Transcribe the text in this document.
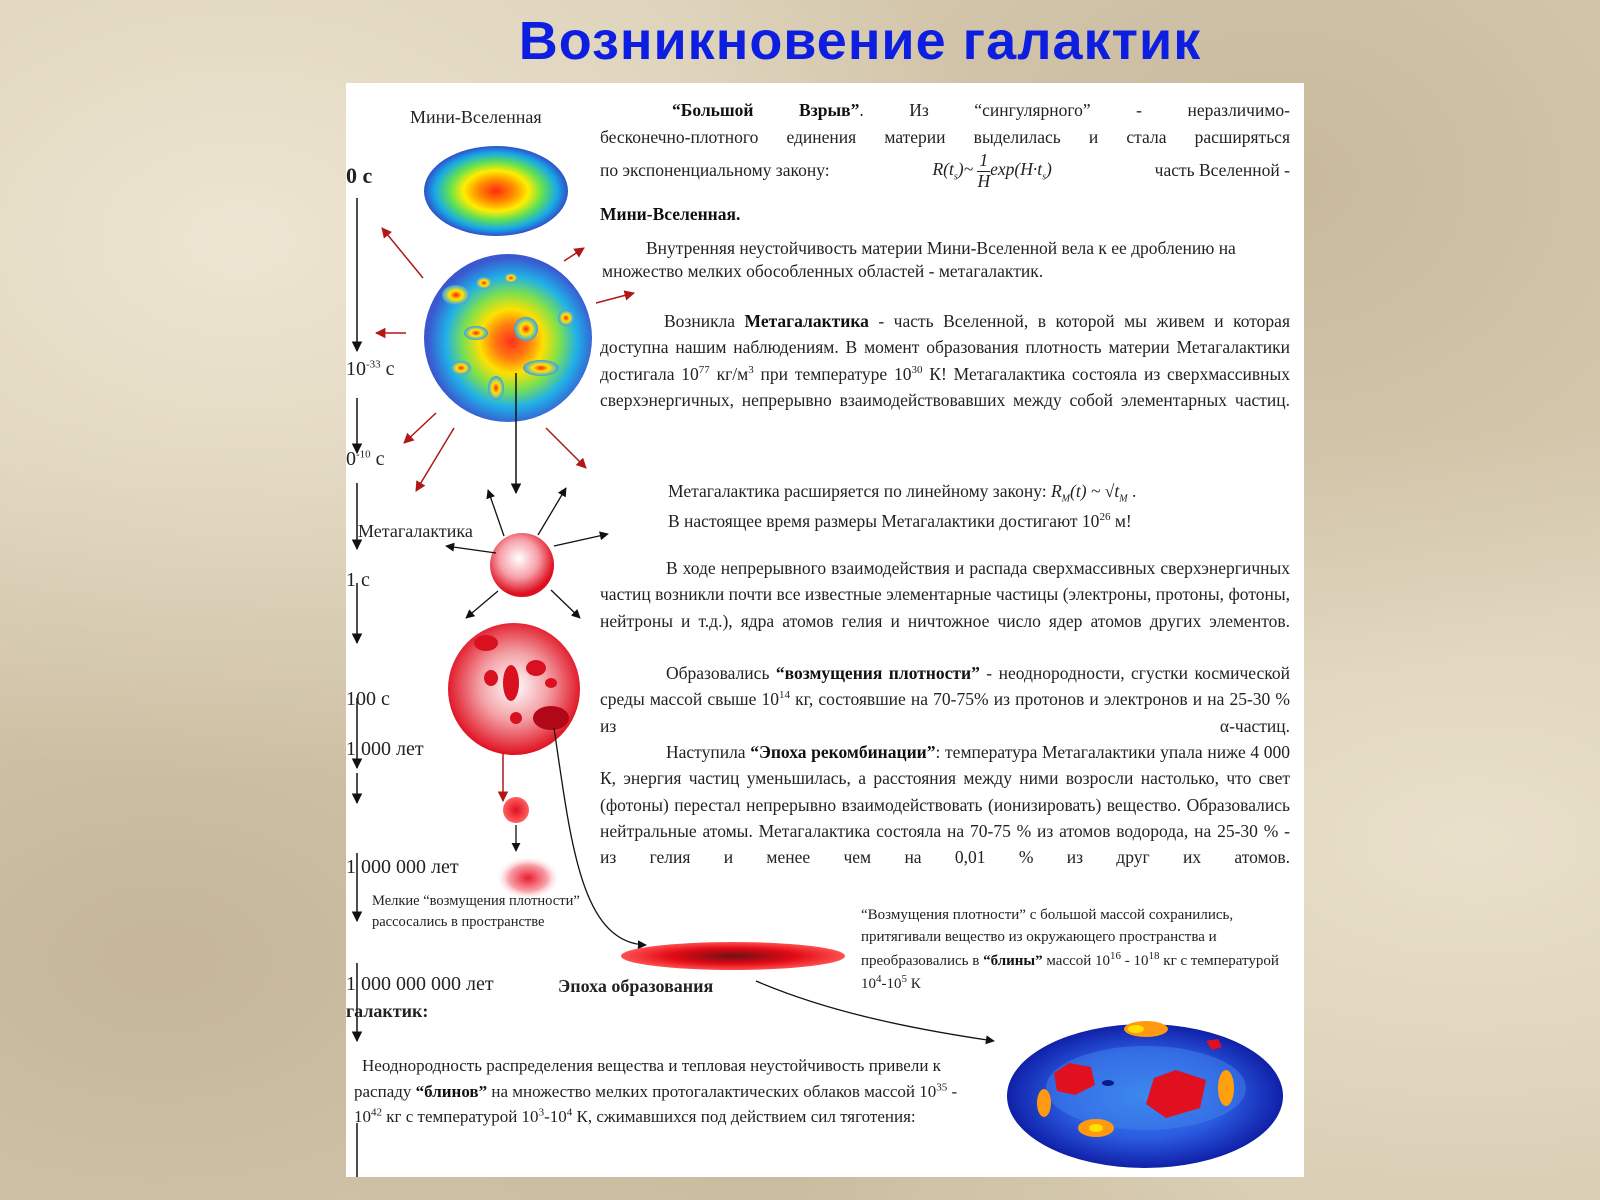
Возникновение галактик
Мини-Вселенная
0 с
$10^{-33}$ с
$0^{-10}$ с
Метагалактика
1 с
100 с
1 000 лет
1 000 000 лет
Мелкие “возмущения плотности” рассосались в пространстве
1 000 000 000 лет
галактик:
Эпоха образования
“Большой Взрыв”. Из “сингулярного” - неразличимо-
бесконечно-плотного единения материи выделилась и стала расширяться
по экспоненциальному закону:	$R(t_s)\sim \frac{1}{H} \exp(H\cdot t_s)$	часть Вселенной -
Мини-Вселенная.
Внутренняя неустойчивость материи Мини-Вселенной вела к ее дроблению на множество мелких обособленных областей - метагалактик.
Возникла Метагалактика - часть Вселенной, в которой мы живем и которая доступна нашим наблюдениям. В момент образования плотность материи Метагалактики достигала $10^{77}$ $кг/м^3$ при температуре $10^{30}$ К! Метагалактика состояла из сверхмассивных сверхэнергичных, непрерывно взаимодействовавших между собой элементарных частиц.
Метагалактика расширяется по линейному закону: $R_M(t)$ ~ $√t_M$ .
В настоящее время размеры Метагалактики достигают $10^{26}$ м!
В ходе непрерывного взаимодействия и распада сверхмассивных сверхэнергичных частиц возникли почти все известные элементарные частицы (электроны, протоны, фотоны, нейтроны и т.д.), ядра атомов гелия и ничтожное число ядер атомов других элементов.
Образовались “возмущения плотности” - неоднородности, сгустки космической среды массой свыше $10^{14}$ кг, состоявшие на 70-75% из протонов и электронов и на 25-30 % из α-частиц.
Наступила “Эпоха рекомбинации”: температура Метагалактики упала ниже 4 000 К, энергия частиц уменьшилась, а расстояния между ними возросли настолько, что свет (фотоны) перестал непрерывно взаимодействовать (ионизировать) вещество. Образовались нейтральные атомы. Метагалактика состояла на 70-75 % из атомов водорода, на 25-30 % - из гелия и менее чем на 0,01 % из друг их атомов.
“Возмущения плотности” с большой массой сохранились, притягивали вещество из окружающего пространства и преобразовались в “блины” массой $10^{16} - 10^{18}$ кг с температурой $10^4-10^5$ К
Неоднородность распределения вещества и тепловая неустойчивость привели к распаду “блинов” на множество мелких протогалактических облаков массой $10^{35} - 10^{42}$ кг с температурой $10^3-10^4$ К, сжимавшихся под действием сил тяготения:
